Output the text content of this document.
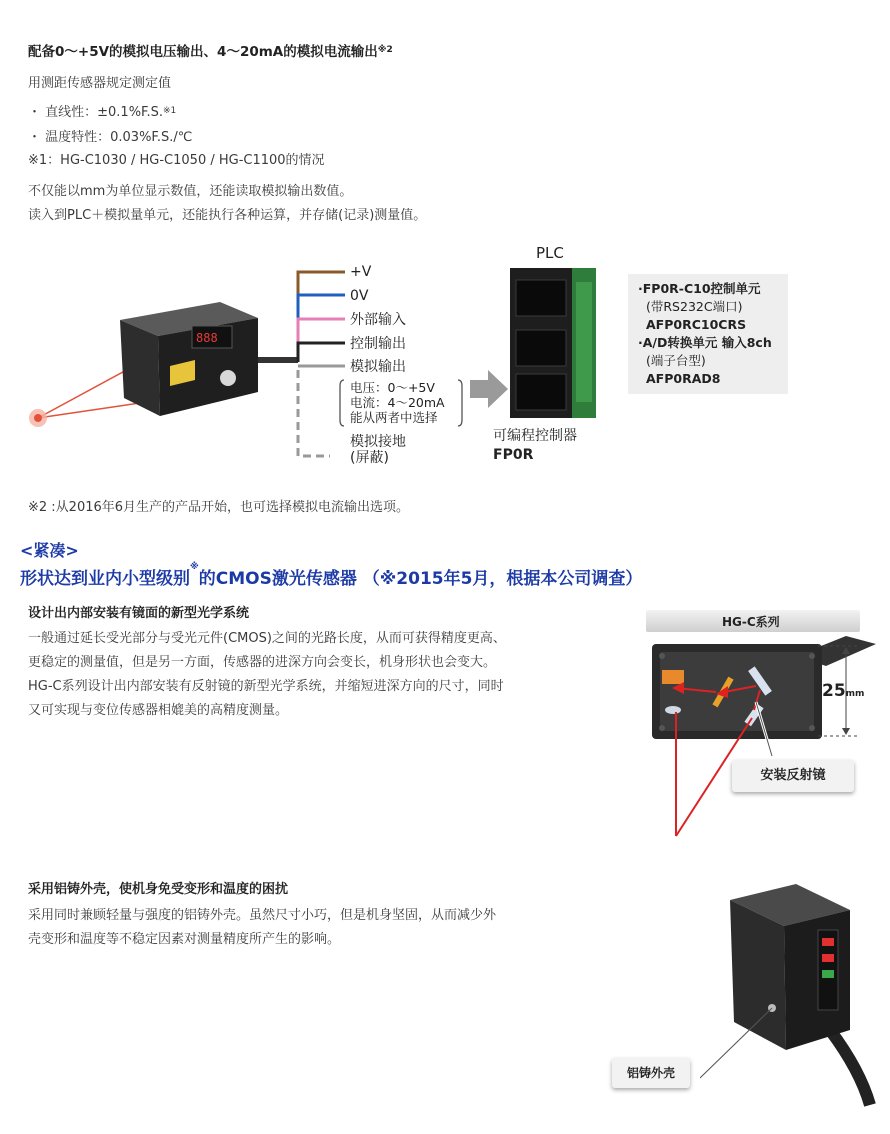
配备0～+5V的模拟电压输出、4～20mA的模拟电流输出$^{※2}$
用测距传感器规定测定值
・ 直线性：±0.1%F.S.$^{※1}$
・ 温度特性：0.03%F.S./℃
※1：HG-C1030 / HG-C1050 / HG-C1100的情况
不仅能以mm为单位显示数值，还能读取模拟输出数值。
读入到PLC＋模拟量单元，还能执行各种运算，并存储(记录)测量值。
888
+V
0V
外部输入
控制输出
模拟输出
电压：0～+5V
电流：4～20mA
能从两者中选择
模拟接地
(屏蔽)
PLC
可编程控制器
FP0R
·FP0R-C10控制单元
(带RS232C端口)
AFP0RC10CRS
·A/D转换单元 输入8ch
(端子台型)
AFP0RAD8
※2 :从2016年6月生产的产品开始，也可选择模拟电流输出选项。
<紧凑>
形状达到业内小型级别※的CMOS激光传感器 （※2015年5月，根据本公司调查）
设计出内部安装有镜面的新型光学系统
一般通过延长受光部分与受光元件(CMOS)之间的光路长度，从而可获得精度更高、
更稳定的测量值，但是另一方面，传感器的进深方向会变长，机身形状也会变大。
HG-C系列设计出内部安装有反射镜的新型光学系统，并缩短进深方向的尺寸，同时
又可实现与变位传感器相媲美的高精度测量。
HG-C系列
25mm
安装反射镜
采用铝铸外壳，使机身免受变形和温度的困扰
采用同时兼顾轻量与强度的铝铸外壳。虽然尺寸小巧，但是机身坚固，从而减少外
壳变形和温度等不稳定因素对测量精度所产生的影响。
铝铸外壳
